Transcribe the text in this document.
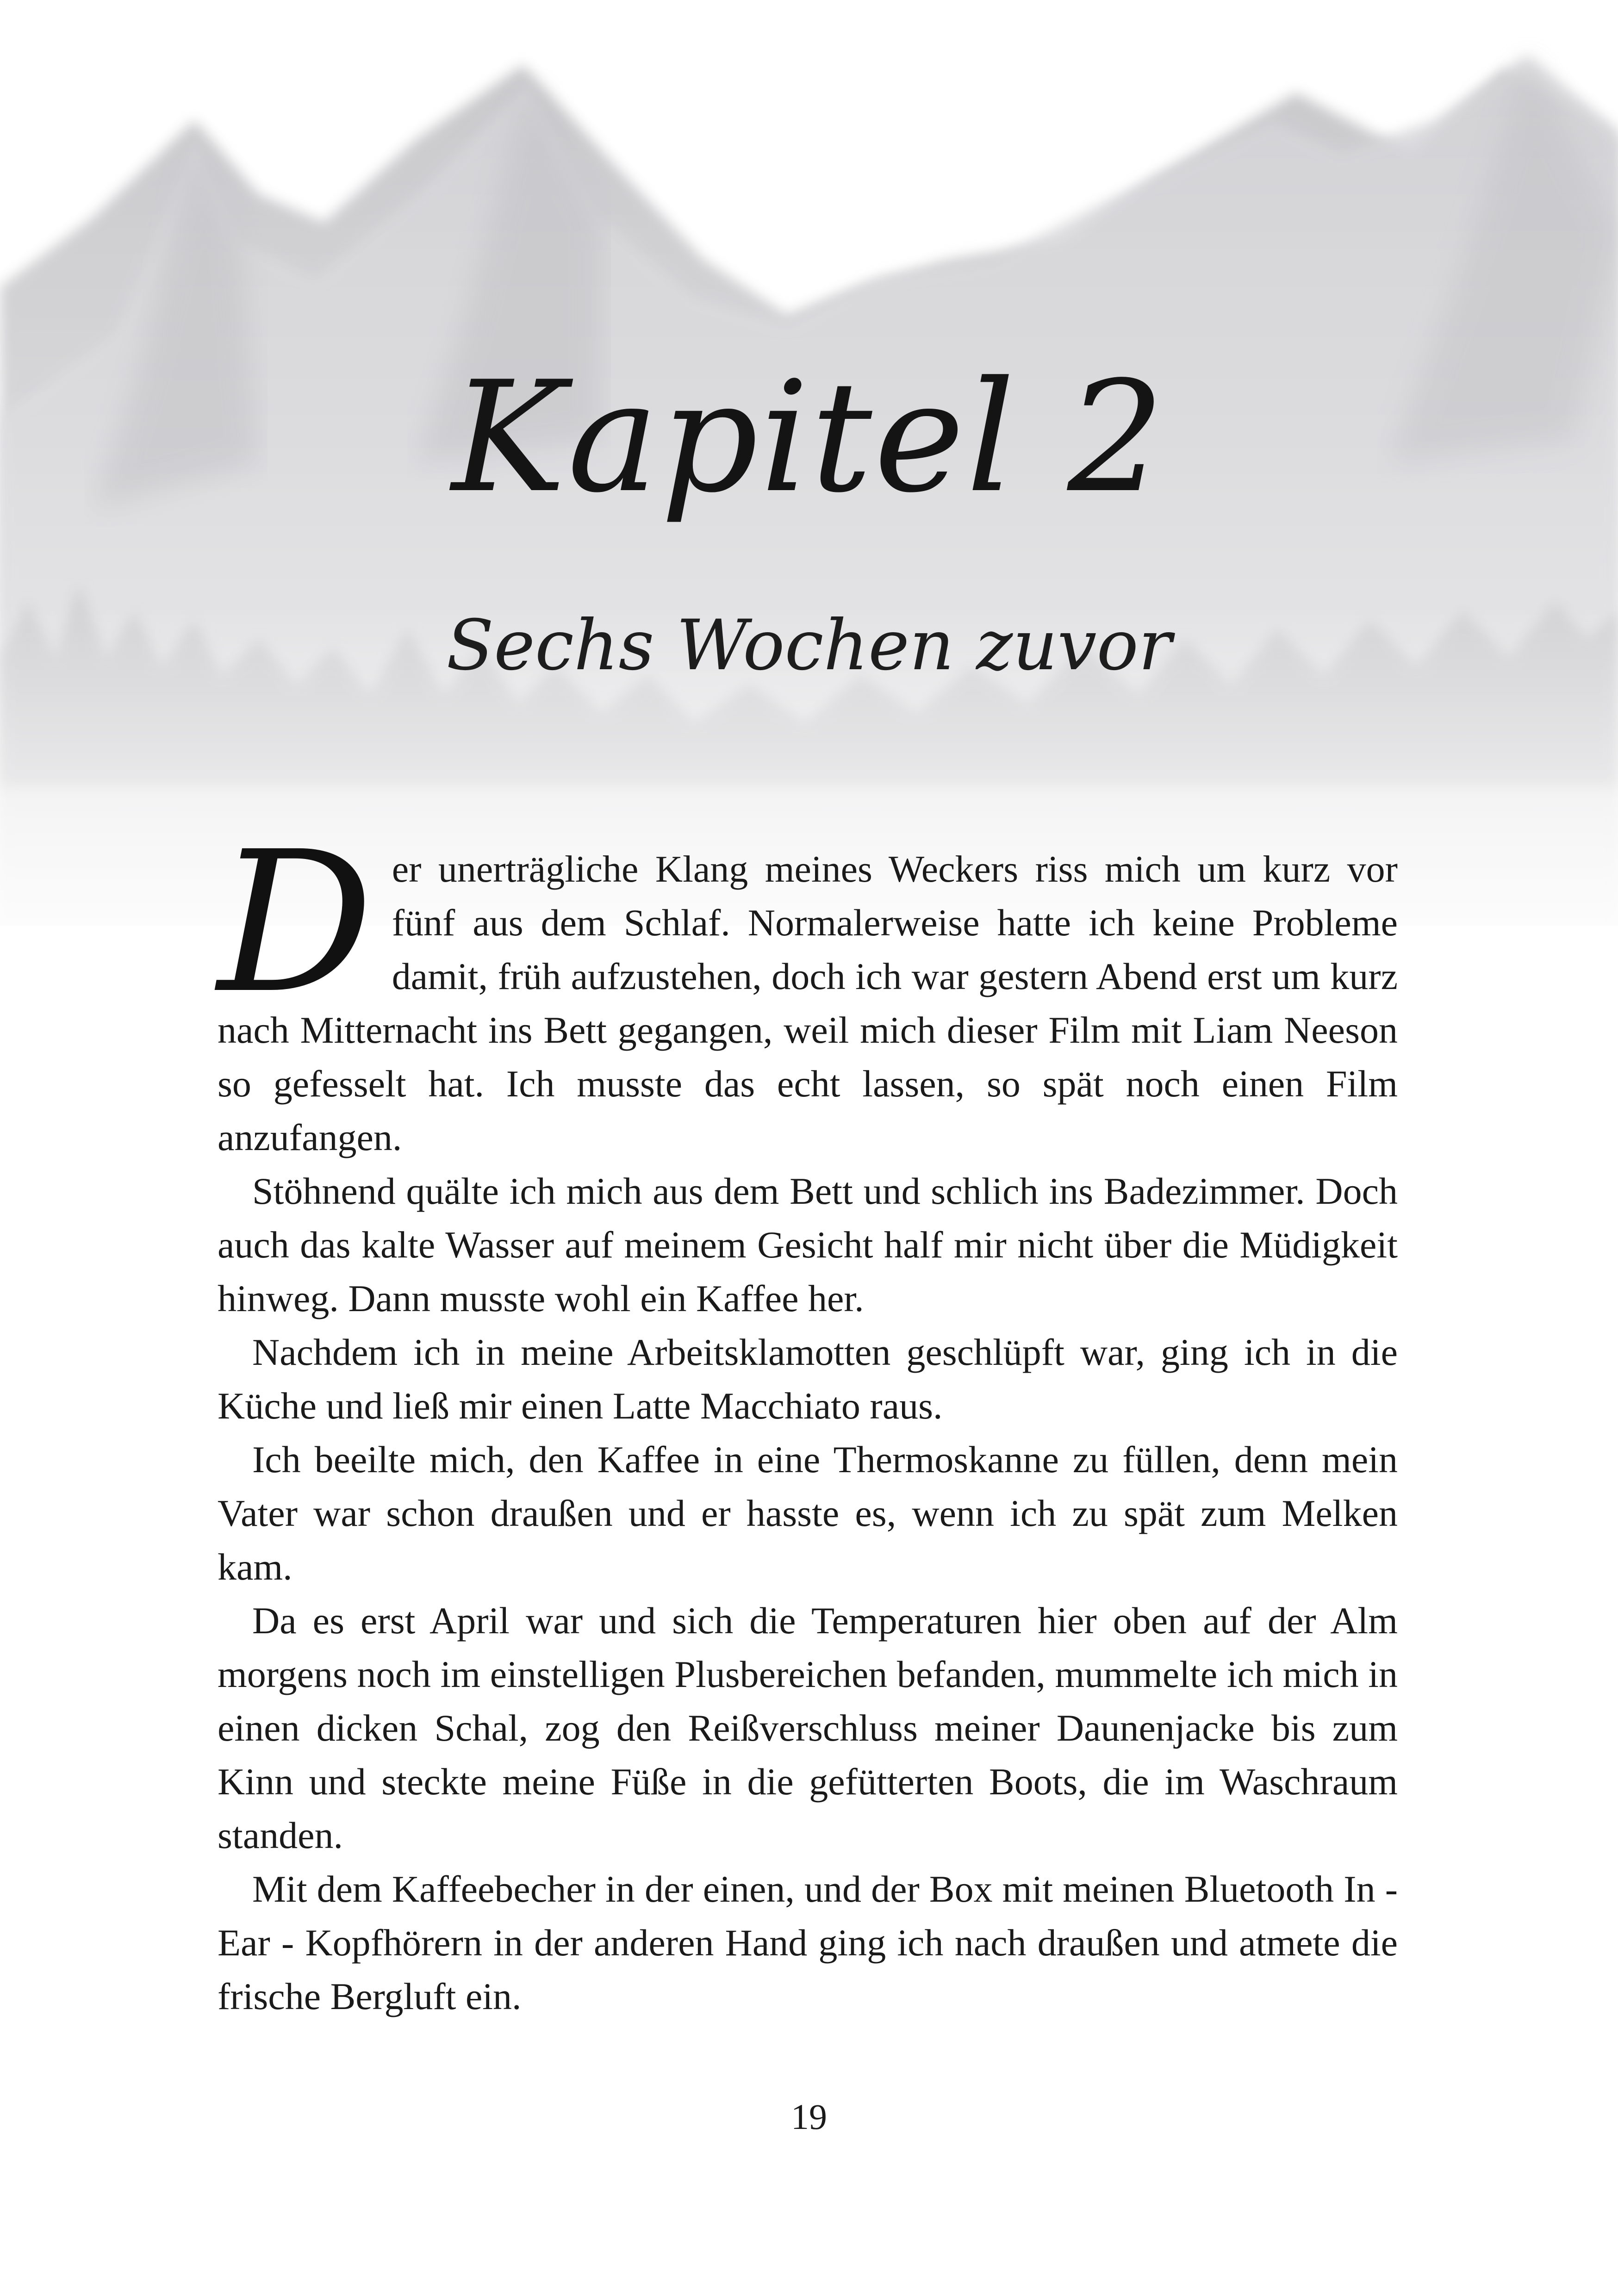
Kapitel 2
Sechs Wochen zuvor

Der unerträgliche Klang meines Weckers riss mich um kurz vor fünf aus dem Schlaf. Normalerweise hatte ich keine Probleme damit, früh aufzustehen, doch ich war gestern Abend erst um kurz nach Mitternacht ins Bett gegangen, weil mich dieser Film mit Liam Neeson so gefesselt hat. Ich musste das echt lassen, so spät noch einen Film anzufangen.

Stöhnend quälte ich mich aus dem Bett und schlich ins Badezimmer. Doch auch das kalte Wasser auf meinem Gesicht half mir nicht über die Müdigkeit hinweg. Dann musste wohl ein Kaffee her.

Nachdem ich in meine Arbeitsklamotten geschlüpft war, ging ich in die Küche und ließ mir einen Latte Macchiato raus.

Ich beeilte mich, den Kaffee in eine Thermoskanne zu füllen, denn mein Vater war schon draußen und er hasste es, wenn ich zu spät zum Melken kam.

Da es erst April war und sich die Temperaturen hier oben auf der Alm morgens noch im einstelligen Plusbereichen befanden, mummelte ich mich in einen dicken Schal, zog den Reißverschluss meiner Daunenjacke bis zum Kinn und steckte meine Füße in die gefütterten Boots, die im Waschraum standen.

Mit dem Kaffeebecher in der einen, und der Box mit meinen Bluetooth In - Ear - Kopfhörern in der anderen Hand ging ich nach draußen und atmete die frische Bergluft ein.

19
